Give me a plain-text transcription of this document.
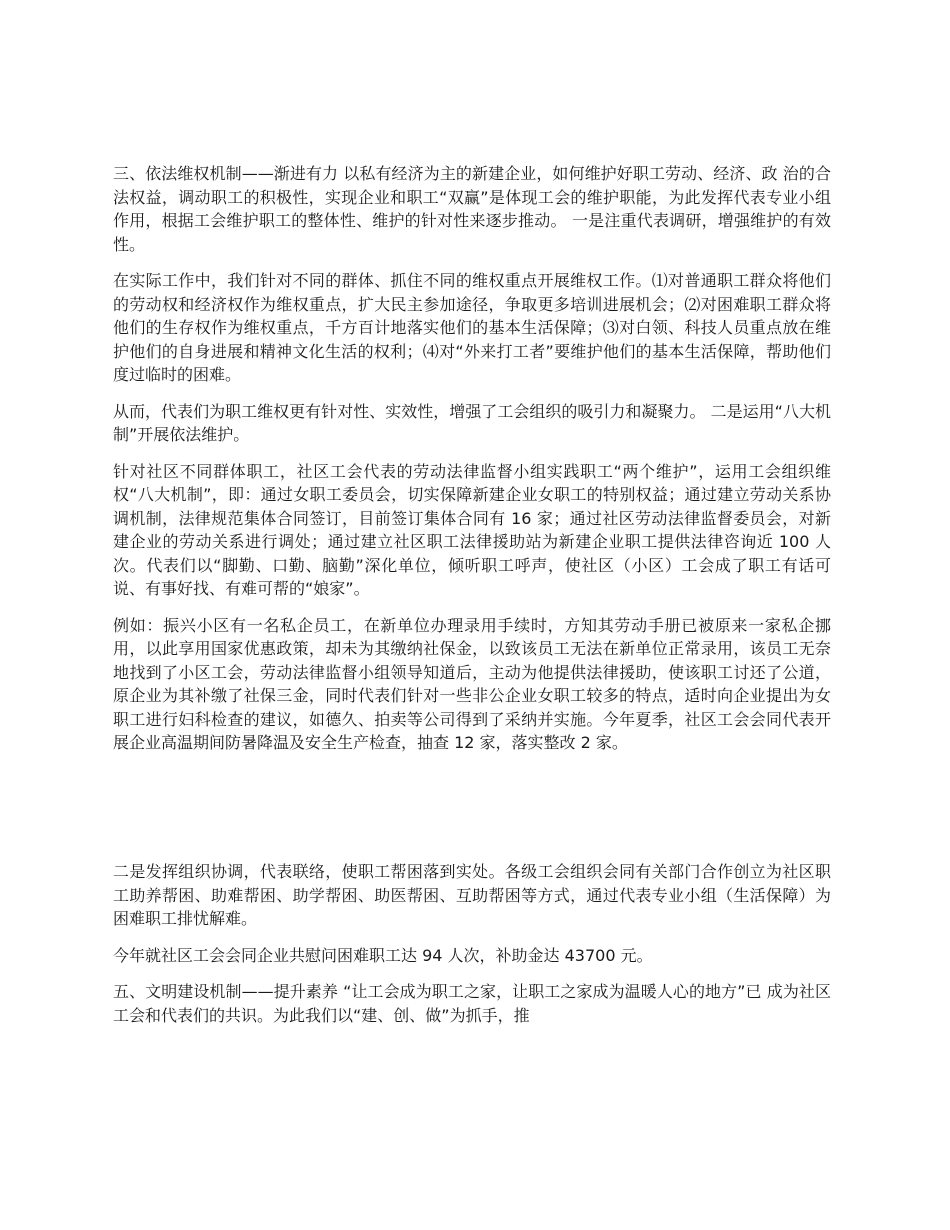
三、依法维权机制——渐进有力 以私有经济为主的新建企业，如何维护好职工劳动、经济、政 治的合法权益，调动职工的积极性，实现企业和职工“双赢”是体现工会的维护职能，为此发挥代表专业小组作用，根据工会维护职工的整体性、维护的针对性来逐步推动。 一是注重代表调研，增强维护的有效性。

在实际工作中，我们针对不同的群体、抓住不同的维权重点开展维权工作。⑴对普通职工群众将他们的劳动权和经济权作为维权重点，扩大民主参加途径，争取更多培训进展机会；⑵对困难职工群众将他们的生存权作为维权重点，千方百计地落实他们的基本生活保障；⑶对白领、科技人员重点放在维护他们的自身进展和精神文化生活的权利；⑷对“外来打工者”要维护他们的基本生活保障，帮助他们度过临时的困难。

从而，代表们为职工维权更有针对性、实效性，增强了工会组织的吸引力和凝聚力。 二是运用“八大机制”开展依法维护。

针对社区不同群体职工，社区工会代表的劳动法律监督小组实践职工“两个维护”，运用工会组织维权“八大机制”，即：通过女职工委员会，切实保障新建企业女职工的特别权益；通过建立劳动关系协调机制，法律规范集体合同签订，目前签订集体合同有 16 家；通过社区劳动法律监督委员会，对新建企业的劳动关系进行调处；通过建立社区职工法律援助站为新建企业职工提供法律咨询近 100 人次。代表们以“脚勤、口勤、脑勤”深化单位，倾听职工呼声，使社区（小区）工会成了职工有话可说、有事好找、有难可帮的“娘家”。

例如：振兴小区有一名私企员工，在新单位办理录用手续时，方知其劳动手册已被原来一家私企挪用，以此享用国家优惠政策，却未为其缴纳社保金，以致该员工无法在新单位正常录用，该员工无奈地找到了小区工会，劳动法律监督小组领导知道后，主动为他提供法律援助，使该职工讨还了公道，原企业为其补缴了社保三金，同时代表们针对一些非公企业女职工较多的特点，适时向企业提出为女职工进行妇科检查的建议，如德久、拍卖等公司得到了采纳并实施。今年夏季，社区工会会同代表开展企业高温期间防暑降温及安全生产检查，抽查 12 家，落实整改 2 家。

二是发挥组织协调，代表联络，使职工帮困落到实处。各级工会组织会同有关部门合作创立为社区职工助养帮困、助难帮困、助学帮困、助医帮困、互助帮困等方式，通过代表专业小组（生活保障）为困难职工排忧解难。

今年就社区工会会同企业共慰问困难职工达 94 人次，补助金达 43700 元。

五、文明建设机制——提升素养 “让工会成为职工之家，让职工之家成为温暖人心的地方”已 成为社区工会和代表们的共识。为此我们以“建、创、做”为抓手，推
